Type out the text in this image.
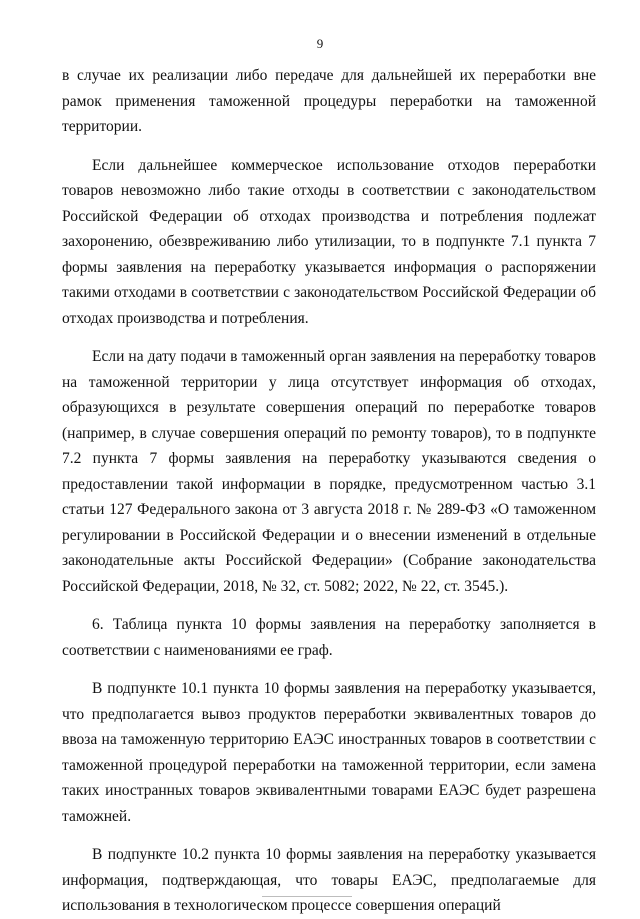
9

в случае их реализации либо передаче для дальнейшей их переработки вне рамок применения таможенной процедуры переработки на таможенной территории.

Если дальнейшее коммерческое использование отходов переработки товаров невозможно либо такие отходы в соответствии с законодательством Российской Федерации об отходах производства и потребления подлежат захоронению, обезвреживанию либо утилизации, то в подпункте 7.1 пункта 7 формы заявления на переработку указывается информация о распоряжении такими отходами в соответствии с законодательством Российской Федерации об отходах производства и потребления.

Если на дату подачи в таможенный орган заявления на переработку товаров на таможенной территории у лица отсутствует информация об отходах, образующихся в результате совершения операций по переработке товаров (например, в случае совершения операций по ремонту товаров), то в подпункте 7.2 пункта 7 формы заявления на переработку указываются сведения о предоставлении такой информации в порядке, предусмотренном частью 3.1 статьи 127 Федерального закона от 3 августа 2018 г. № 289-ФЗ «О таможенном регулировании в Российской Федерации и о внесении изменений в отдельные законодательные акты Российской Федерации» (Собрание законодательства Российской Федерации, 2018, № 32, ст. 5082; 2022, № 22, ст. 3545.).

6. Таблица пункта 10 формы заявления на переработку заполняется в соответствии с наименованиями ее граф.

В подпункте 10.1 пункта 10 формы заявления на переработку указывается, что предполагается вывоз продуктов переработки эквивалентных товаров до ввоза на таможенную территорию ЕАЭС иностранных товаров в соответствии с таможенной процедурой переработки на таможенной территории, если замена таких иностранных товаров эквивалентными товарами ЕАЭС будет разрешена таможней.

В подпункте 10.2 пункта 10 формы заявления на переработку указывается информация, подтверждающая, что товары ЕАЭС, предполагаемые для использования в технологическом процессе совершения операций
